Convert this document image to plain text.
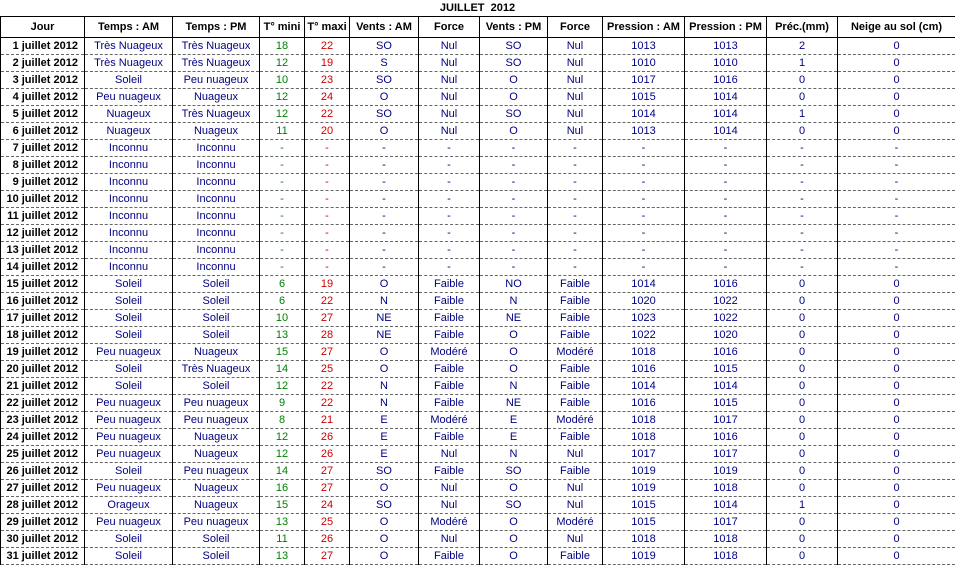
JUILLET  2012
Jour	Temps : AM	Temps : PM	T° mini	T° maxi	Vents : AM	Force	Vents : PM	Force	Pression : AM	Pression : PM	Préc.(mm)	Neige au sol (cm)
1 juillet 2012	Très Nuageux	Très Nuageux	18	22	SO	Nul	SO	Nul	1013	1013	2	0
2 juillet 2012	Très Nuageux	Très Nuageux	12	19	S	Nul	SO	Nul	1010	1010	1	0
3 juillet 2012	Soleil	Peu nuageux	10	23	SO	Nul	O	Nul	1017	1016	0	0
4 juillet 2012	Peu nuageux	Nuageux	12	24	O	Nul	O	Nul	1015	1014	0	0
5 juillet 2012	Nuageux	Très Nuageux	12	22	SO	Nul	SO	Nul	1014	1014	1	0
6 juillet 2012	Nuageux	Nuageux	11	20	O	Nul	O	Nul	1013	1014	0	0
7 juillet 2012	Inconnu	Inconnu	-	-	-	-	-	-	-	-	-	-
8 juillet 2012	Inconnu	Inconnu	-	-	-	-	-	-	-	-	-	-
9 juillet 2012	Inconnu	Inconnu	-	-	-	-	-	-	-	-	-	-
10 juillet 2012	Inconnu	Inconnu	-	-	-	-	-	-	-	-	-	-
11 juillet 2012	Inconnu	Inconnu	-	-	-	-	-	-	-	-	-	-
12 juillet 2012	Inconnu	Inconnu	-	-	-	-	-	-	-	-	-	-
13 juillet 2012	Inconnu	Inconnu	-	-	-	-	-	-	-	-	-	-
14 juillet 2012	Inconnu	Inconnu	-	-	-	-	-	-	-	-	-	-
15 juillet 2012	Soleil	Soleil	6	19	O	Faible	NO	Faible	1014	1016	0	0
16 juillet 2012	Soleil	Soleil	6	22	N	Faible	N	Faible	1020	1022	0	0
17 juillet 2012	Soleil	Soleil	10	27	NE	Faible	NE	Faible	1023	1022	0	0
18 juillet 2012	Soleil	Soleil	13	28	NE	Faible	O	Faible	1022	1020	0	0
19 juillet 2012	Peu nuageux	Nuageux	15	27	O	Modéré	O	Modéré	1018	1016	0	0
20 juillet 2012	Soleil	Très Nuageux	14	25	O	Faible	O	Faible	1016	1015	0	0
21 juillet 2012	Soleil	Soleil	12	22	N	Faible	N	Faible	1014	1014	0	0
22 juillet 2012	Peu nuageux	Peu nuageux	9	22	N	Faible	NE	Faible	1016	1015	0	0
23 juillet 2012	Peu nuageux	Peu nuageux	8	21	E	Modéré	E	Modéré	1018	1017	0	0
24 juillet 2012	Peu nuageux	Nuageux	12	26	E	Faible	E	Faible	1018	1016	0	0
25 juillet 2012	Peu nuageux	Nuageux	12	26	E	Nul	N	Nul	1017	1017	0	0
26 juillet 2012	Soleil	Peu nuageux	14	27	SO	Faible	SO	Faible	1019	1019	0	0
27 juillet 2012	Peu nuageux	Nuageux	16	27	O	Nul	O	Nul	1019	1018	0	0
28 juillet 2012	Orageux	Nuageux	15	24	SO	Nul	SO	Nul	1015	1014	1	0
29 juillet 2012	Peu nuageux	Peu nuageux	13	25	O	Modéré	O	Modéré	1015	1017	0	0
30 juillet 2012	Soleil	Soleil	11	26	O	Nul	O	Nul	1018	1018	0	0
31 juillet 2012	Soleil	Soleil	13	27	O	Faible	O	Faible	1019	1018	0	0
